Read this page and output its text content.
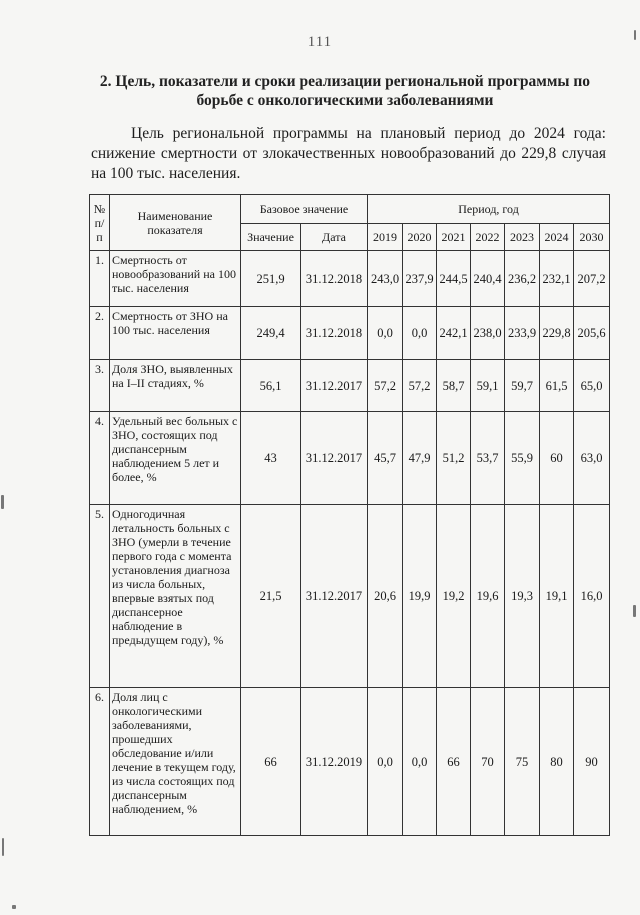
111
2. Цель, показатели и сроки реализации региональной программы по борьбе с онкологическими заболеваниями
Цель региональной программы на плановый период до 2024 года: снижение смертности от злокачественных новообразований до 229,8 случая на 100 тыс. населения.
№ п/п	Наименование показателя	Базовое значение		Период, год						
		Значение	Дата	2019	2020	2021	2022	2023	2024	2030
1.	Смертность от новообразований на 100 тыс. населения	251,9	31.12.2018	243,0	237,9	244,5	240,4	236,2	232,1	207,2
2.	Смертность от ЗНО на 100 тыс. населения	249,4	31.12.2018	0,0	0,0	242,1	238,0	233,9	229,8	205,6
3.	Доля ЗНО, выявленных на I–II стадиях, %	56,1	31.12.2017	57,2	57,2	58,7	59,1	59,7	61,5	65,0
4.	Удельный вес больных с ЗНО, состоящих под диспансерным наблюдением 5 лет и более, %	43	31.12.2017	45,7	47,9	51,2	53,7	55,9	60	63,0
5.	Одногодичная летальность больных с ЗНО (умерли в течение первого года с момента установления диагноза из числа больных, впервые взятых под диспансерное наблюдение в предыдущем году), %	21,5	31.12.2017	20,6	19,9	19,2	19,6	19,3	19,1	16,0
6.	Доля лиц с онкологическими заболеваниями, прошедших обследование и/или лечение в текущем году, из числа состоящих под диспансерным наблюдением, %	66	31.12.2019	0,0	0,0	66	70	75	80	90
